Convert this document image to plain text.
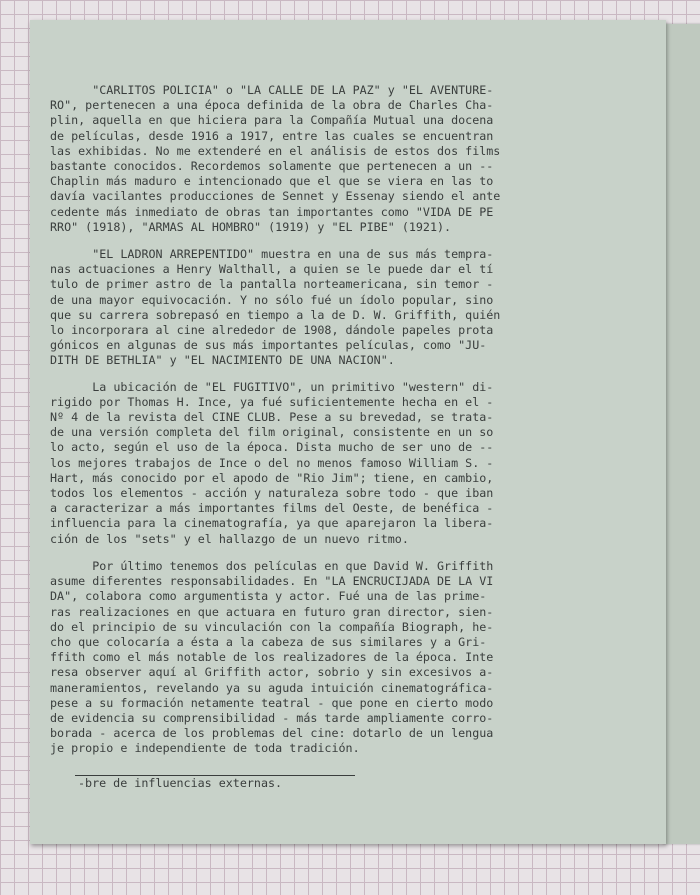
"CARLITOS POLICIA" o "LA CALLE DE LA PAZ" y "EL AVENTURE-
RO", pertenecen a una época definida de la obra de Charles Cha-
plin, aquella en que hiciera para la Compañía Mutual una docena
de películas, desde 1916 a 1917, entre las cuales se encuentran
las exhibidas. No me extenderé en el análisis de estos dos films
bastante conocidos. Recordemos solamente que pertenecen a un --
Chaplin más maduro e intencionado que el que se viera en las to
davía vacilantes producciones de Sennet y Essenay siendo el ante
cedente más inmediato de obras tan importantes como "VIDA DE PE
RRO" (1918), "ARMAS AL HOMBRO" (1919) y "EL PIBE" (1921).
"EL LADRON ARREPENTIDO" muestra en una de sus más tempra-
nas actuaciones a Henry Walthall, a quien se le puede dar el tí
tulo de primer astro de la pantalla norteamericana, sin temor -
de una mayor equivocación. Y no sólo fué un ídolo popular, sino
que su carrera sobrepasó en tiempo a la de D. W. Griffith, quién
lo incorporara al cine alrededor de 1908, dándole papeles prota
gónicos en algunas de sus más importantes películas, como "JU-
DITH DE BETHLIA" y "EL NACIMIENTO DE UNA NACION".
La ubicación de "EL FUGITIVO", un primitivo "western" di-
rigido por Thomas H. Ince, ya fué suficientemente hecha en el -
Nº 4 de la revista del CINE CLUB. Pese a su brevedad, se trata-
de una versión completa del film original, consistente en un so
lo acto, según el uso de la época. Dista mucho de ser uno de --
los mejores trabajos de Ince o del no menos famoso William S. -
Hart, más conocido por el apodo de "Rio Jim"; tiene, en cambio,
todos los elementos - acción y naturaleza sobre todo - que iban
a caracterizar a más importantes films del Oeste, de benéfica -
influencia para la cinematografía, ya que aparejaron la libera-
ción de los "sets" y el hallazgo de un nuevo ritmo.
Por último tenemos dos películas en que David W. Griffith
asume diferentes responsabilidades. En "LA ENCRUCIJADA DE LA VI
DA", colabora como argumentista y actor. Fué una de las prime-
ras realizaciones en que actuara en futuro gran director, sien-
do el principio de su vinculación con la compañía Biograph, he-
cho que colocaría a ésta a la cabeza de sus similares y a Gri-
ffith como el más notable de los realizadores de la época. Inte
resa observer aquí al Griffith actor, sobrio y sin excesivos a-
maneramientos, revelando ya su aguda intuición cinematográfica-
pese a su formación netamente teatral - que pone en cierto modo
de evidencia su comprensibilidad - más tarde ampliamente corro-
borada - acerca de los problemas del cine: dotarlo de un lengua
je propio e independiente de toda tradición.
-bre de influencias externas.
